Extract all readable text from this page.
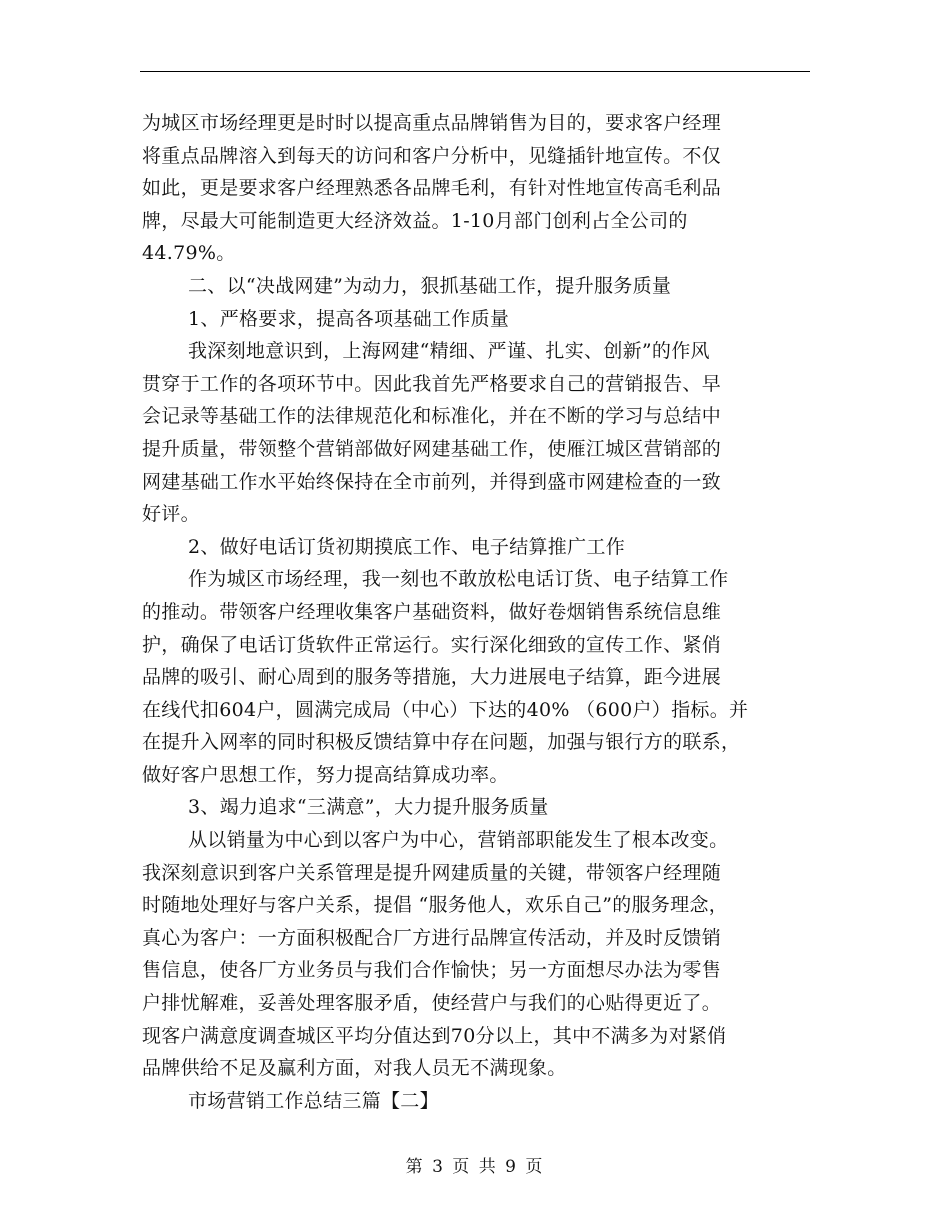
为城区市场经理更是时时以提高重点品牌销售为目的，要求客户经理
将重点品牌溶入到每天的访问和客户分析中，见缝插针地宣传。不仅
如此，更是要求客户经理熟悉各品牌毛利，有针对性地宣传高毛利品
牌，尽最大可能制造更大经济效益。1-10月部门创利占全公司的
44.79%。
二、以“决战网建”为动力，狠抓基础工作，提升服务质量
1、严格要求，提高各项基础工作质量
我深刻地意识到，上海网建“精细、严谨、扎实、创新”的作风
贯穿于工作的各项环节中。因此我首先严格要求自己的营销报告、早
会记录等基础工作的法律规范化和标准化，并在不断的学习与总结中
提升质量，带领整个营销部做好网建基础工作，使雁江城区营销部的
网建基础工作水平始终保持在全市前列，并得到盛市网建检查的一致
好评。
2、做好电话订货初期摸底工作、电子结算推广工作
作为城区市场经理，我一刻也不敢放松电话订货、电子结算工作
的推动。带领客户经理收集客户基础资料，做好卷烟销售系统信息维
护，确保了电话订货软件正常运行。实行深化细致的宣传工作、紧俏
品牌的吸引、耐心周到的服务等措施，大力进展电子结算，距今进展
在线代扣604户，圆满完成局（中心）下达的40% （600户）指标。并
在提升入网率的同时积极反馈结算中存在问题，加强与银行方的联系，
做好客户思想工作，努力提高结算成功率。
3、竭力追求“三满意”，大力提升服务质量
从以销量为中心到以客户为中心，营销部职能发生了根本改变。
我深刻意识到客户关系管理是提升网建质量的关键，带领客户经理随
时随地处理好与客户关系，提倡 “服务他人，欢乐自己”的服务理念，
真心为客户：一方面积极配合厂方进行品牌宣传活动，并及时反馈销
售信息，使各厂方业务员与我们合作愉快；另一方面想尽办法为零售
户排忧解难，妥善处理客服矛盾，使经营户与我们的心贴得更近了。
现客户满意度调查城区平均分值达到70分以上，其中不满多为对紧俏
品牌供给不足及赢利方面，对我人员无不满现象。
市场营销工作总结三篇【二】
第 3 页 共 9 页
